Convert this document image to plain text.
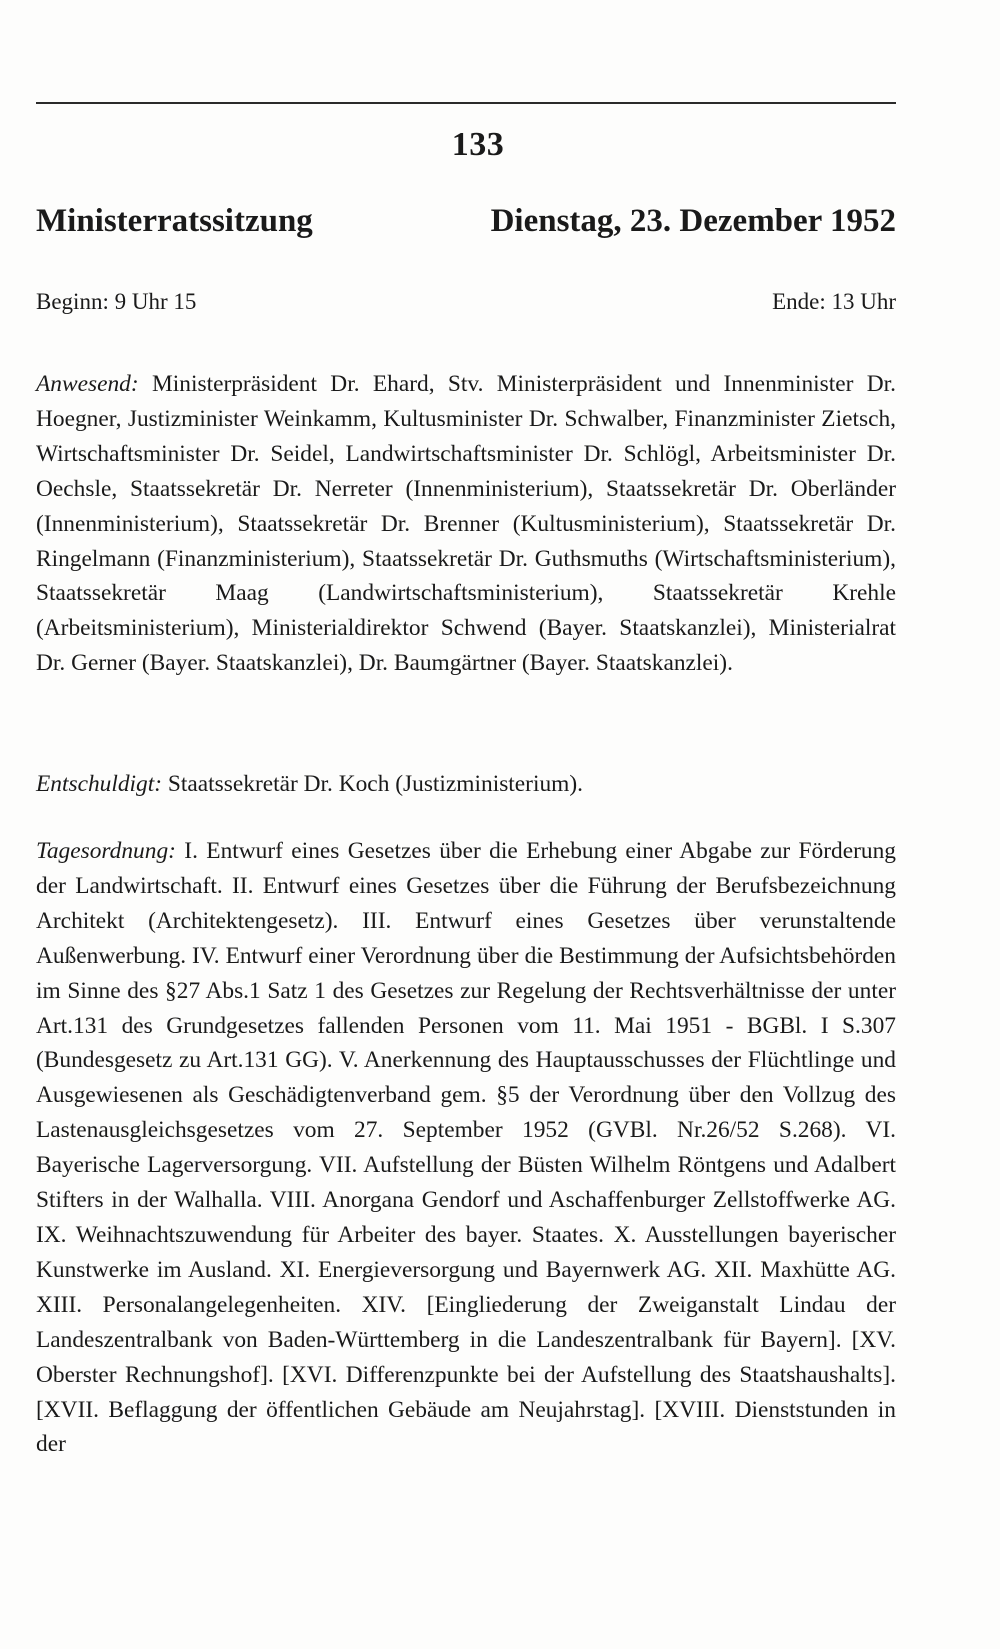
133
Ministerratssitzung	Dienstag, 23. Dezember 1952
Beginn: 9 Uhr 15	Ende: 13 Uhr
Anwesend: Ministerpräsident Dr. Ehard, Stv. Ministerpräsident und Innenminister Dr. Hoegner, Justizminister Weinkamm, Kultusminister Dr. Schwalber, Finanzminister Zietsch, Wirtschaftsminister Dr. Seidel, Landwirtschaftsminister Dr. Schlögl, Arbeitsminister Dr. Oechsle, Staatssekretär Dr. Nerreter (Innenministerium), Staatssekretär Dr. Oberländer (Innenministerium), Staatssekretär Dr. Brenner (Kultusministerium), Staatssekretär Dr. Ringelmann (Finanzministerium), Staatssekretär Dr. Guthsmuths (Wirtschaftsministerium), Staatssekretär Maag (Landwirtschaftsministerium), Staatssekretär Krehle (Arbeitsministerium), Ministerialdirektor Schwend (Bayer. Staatskanzlei), Ministerialrat Dr. Gerner (Bayer. Staatskanzlei), Dr. Baumgärtner (Bayer. Staatskanzlei).
Entschuldigt: Staatssekretär Dr. Koch (Justizministerium).
Tagesordnung: I. Entwurf eines Gesetzes über die Erhebung einer Abgabe zur Förderung der Landwirtschaft. II. Entwurf eines Gesetzes über die Führung der Berufsbezeichnung Architekt (Architektengesetz). III. Entwurf eines Gesetzes über verunstaltende Außenwerbung. IV. Entwurf einer Verordnung über die Bestimmung der Aufsichtsbehörden im Sinne des §27 Abs.1 Satz 1 des Gesetzes zur Regelung der Rechtsverhältnisse der unter Art.131 des Grundgesetzes fallenden Personen vom 11. Mai 1951 - BGBl. I S.307 (Bundesgesetz zu Art.131 GG). V. Anerkennung des Hauptausschusses der Flüchtlinge und Ausgewiesenen als Geschädigtenverband gem. §5 der Verordnung über den Vollzug des Lastenausgleichsgesetzes vom 27. September 1952 (GVBl. Nr.26/52 S.268). VI. Bayerische Lagerversorgung. VII. Aufstellung der Büsten Wilhelm Röntgens und Adalbert Stifters in der Walhalla. VIII. Anorgana Gendorf und Aschaffenburger Zellstoffwerke AG. IX. Weihnachtszuwendung für Arbeiter des bayer. Staates. X. Ausstellungen bayerischer Kunstwerke im Ausland. XI. Energieversorgung und Bayernwerk AG. XII. Maxhütte AG. XIII. Personalangelegenheiten. XIV. [Eingliederung der Zweiganstalt Lindau der Landeszentralbank von Baden-Württemberg in die Landeszentralbank für Bayern]. [XV. Oberster Rechnungshof]. [XVI. Differenzpunkte bei der Aufstellung des Staatshaushalts]. [XVII. Beflaggung der öffentlichen Gebäude am Neujahrstag]. [XVIII. Dienststunden in der
